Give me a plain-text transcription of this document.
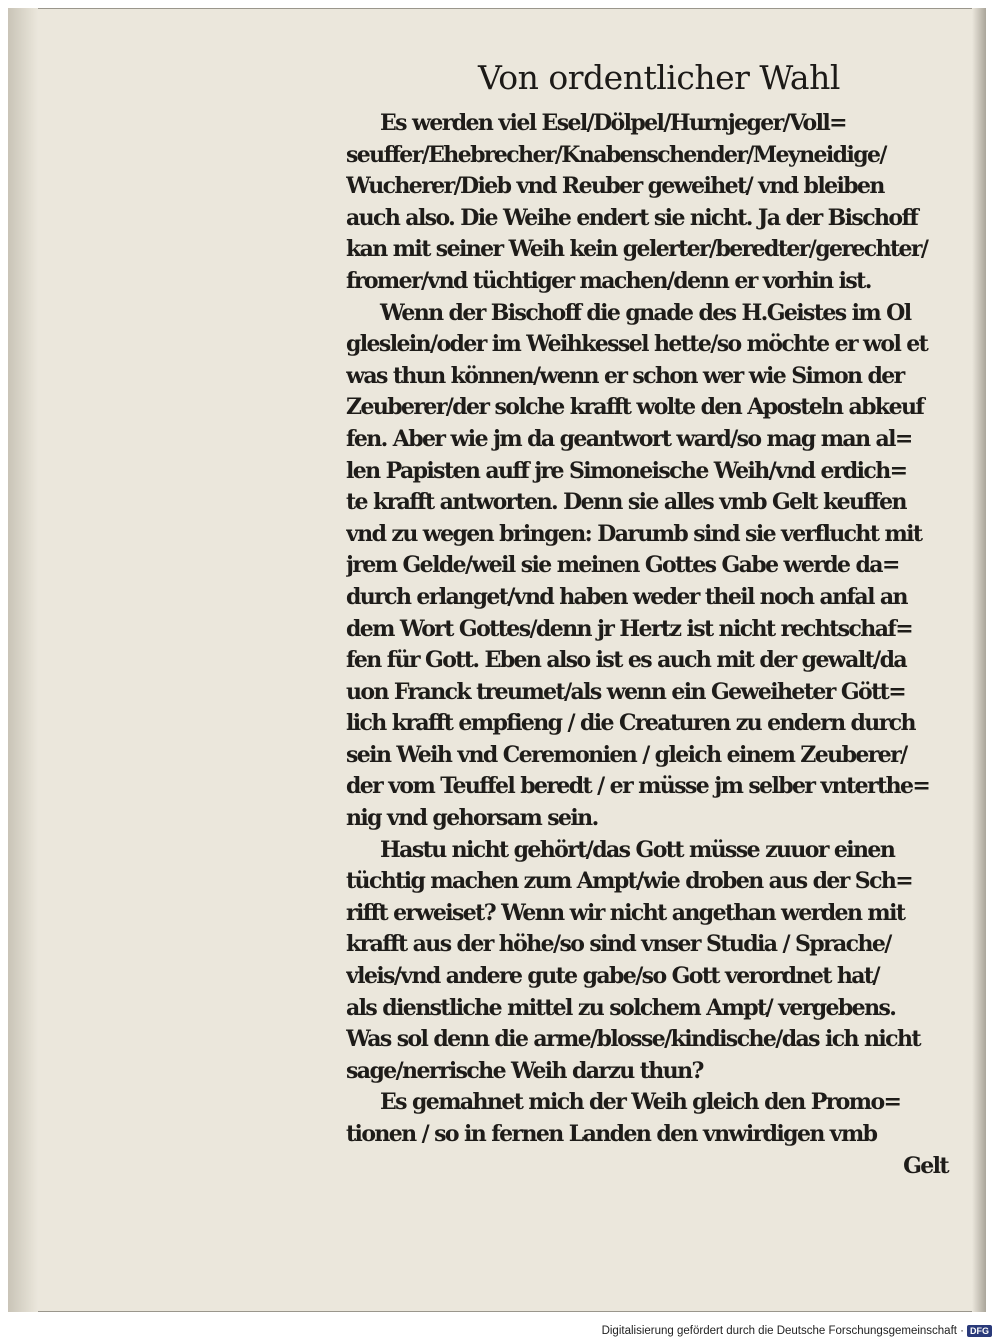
Von ordentlicher Wahl
Es werden viel Esel/Dölpel/Hurnjeger/Voll=
seuffer/Ehebrecher/Knabenschender/Meyneidige/
Wucherer/Dieb vnd Reuber geweihet/ vnd bleiben
auch also. Die Weihe endert sie nicht. Ja der Bischoff
kan mit seiner Weih kein gelerter/beredter/gerechter/
fromer/vnd tüchtiger machen/denn er vorhin ist.
Wenn der Bischoff die gnade des H.Geistes im Ol
gleslein/oder im Weihkessel hette/so möchte er wol et
was thun können/wenn er schon wer wie Simon der
Zeuberer/der solche krafft wolte den Aposteln abkeuf
fen. Aber wie jm da geantwort ward/so mag man al=
len Papisten auff jre Simoneische Weih/vnd erdich=
te krafft antworten. Denn sie alles vmb Gelt keuffen
vnd zu wegen bringen: Darumb sind sie verflucht mit
jrem Gelde/weil sie meinen Gottes Gabe werde da=
durch erlanget/vnd haben weder theil noch anfal an
dem Wort Gottes/denn jr Hertz ist nicht rechtschaf=
fen für Gott. Eben also ist es auch mit der gewalt/da
uon Franck treumet/als wenn ein Geweiheter Gött=
lich krafft empfieng / die Creaturen zu endern durch
sein Weih vnd Ceremonien / gleich einem Zeuberer/
der vom Teuffel beredt / er müsse jm selber vnterthe=
nig vnd gehorsam sein.
Hastu nicht gehört/das Gott müsse zuuor einen
tüchtig machen zum Ampt/wie droben aus der Sch=
rifft erweiset? Wenn wir nicht angethan werden mit
krafft aus der höhe/so sind vnser Studia / Sprache/
vleis/vnd andere gute gabe/so Gott verordnet hat/
als dienstliche mittel zu solchem Ampt/ vergebens.
Was sol denn die arme/blosse/kindische/das ich nicht
sage/nerrische Weih darzu thun?
Es gemahnet mich der Weih gleich den Promo=
tionen / so in fernen Landen den vnwirdigen vmb
Gelt
Digitalisierung gefördert durch die Deutsche Forschungsgemeinschaft · DFG
